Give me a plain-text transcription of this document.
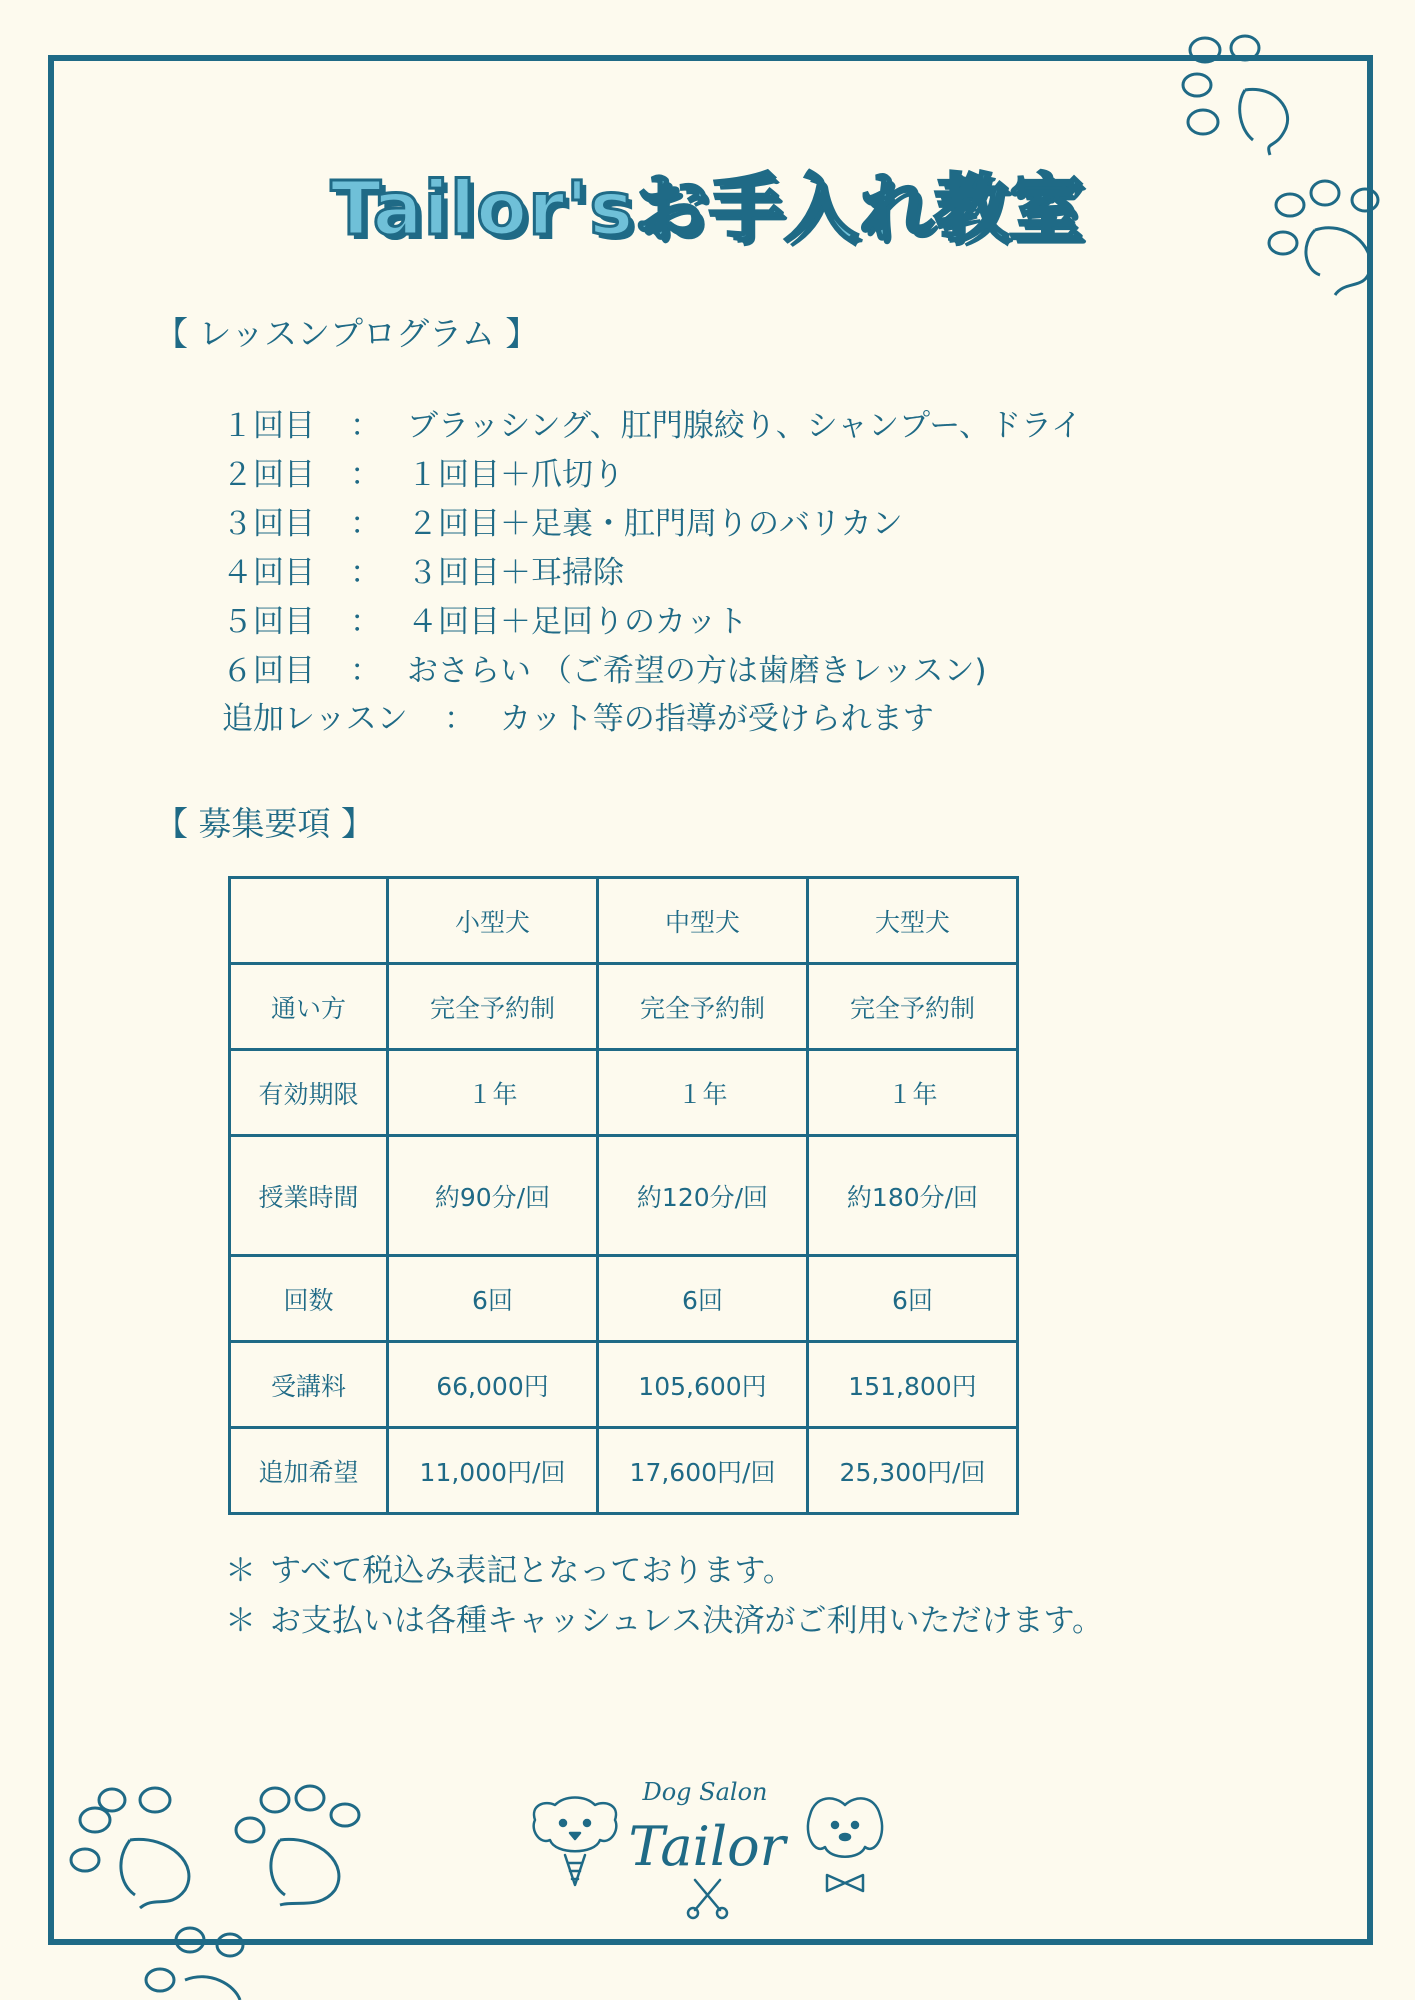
Tailor'sお手入れ教室
【 レッスンプログラム 】
１回目 ： ブラッシング、肛門腺絞り、シャンプー、ドライ
２回目 ： １回目＋爪切り
３回目 ： ２回目＋足裏・肛門周りのバリカン
４回目 ： ３回目＋耳掃除
５回目 ： ４回目＋足回りのカット
６回目 ： おさらい （ご希望の方は歯磨きレッスン)
追加レッスン ： カット等の指導が受けられます
【 募集要項 】
	小型犬	中型犬	大型犬
通い方	完全予約制	完全予約制	完全予約制
有効期限	１年	１年	１年
授業時間	約90分/回	約120分/回	約180分/回
回数	6回	6回	6回
受講料	66,000円	105,600円	151,800円
追加希望	11,000円/回	17,600円/回	25,300円/回
＊ すべて税込み表記となっております。
＊ お支払いは各種キャッシュレス決済がご利用いただけます。
Dog Salon
Tailor
